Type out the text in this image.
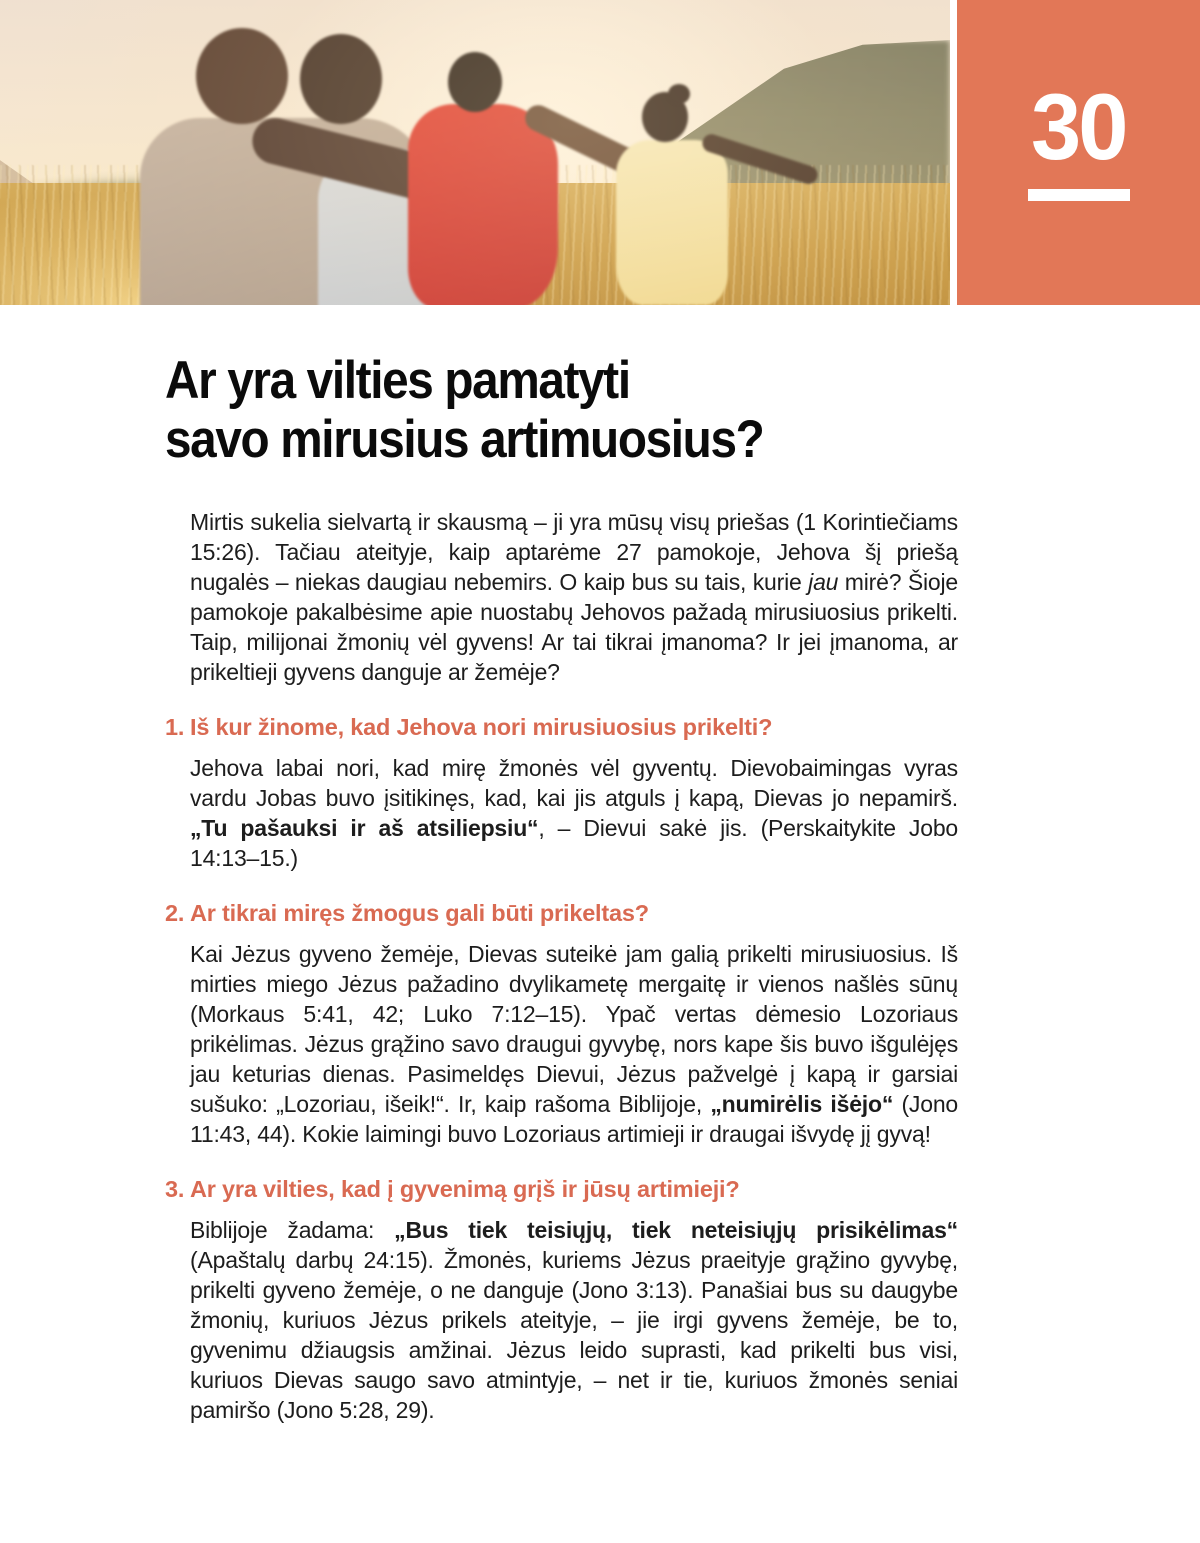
30
Ar yra vilties pamatyti
savo mirusius artimuosius?

Mirtis sukelia sielvartą ir skausmą – ji yra mūsų visų priešas (1 Korintiečiams 15:26). Tačiau ateityje, kaip aptarėme 27 pamokoje, Jehova šį priešą nugalės – niekas daugiau nebemirs. O kaip bus su tais, kurie jau mirė? Šioje pamokoje pakalbėsime apie nuostabų Jehovos pažadą mirusiuosius prikelti. Taip, milijonai žmonių vėl gyvens! Ar tai tikrai įmanoma? Ir jei įmanoma, ar prikeltieji gyvens danguje ar žemėje?

1. Iš kur žinome, kad Jehova nori mirusiuosius prikelti?

Jehova labai nori, kad mirę žmonės vėl gyventų. Dievobaimingas vyras vardu Jobas buvo įsitikinęs, kad, kai jis atguls į kapą, Dievas jo nepamirš. „Tu pašauksi ir aš atsiliepsiu“, – Dievui sakė jis. (Perskaitykite Jobo 14:13–15.)

2. Ar tikrai miręs žmogus gali būti prikeltas?

Kai Jėzus gyveno žemėje, Dievas suteikė jam galią prikelti mirusiuosius. Iš mirties miego Jėzus pažadino dvylikametę mergaitę ir vienos našlės sūnų (Morkaus 5:41, 42; Luko 7:12–15). Ypač vertas dėmesio Lozoriaus prikėlimas. Jėzus grąžino savo draugui gyvybę, nors kape šis buvo išgulėjęs jau keturias dienas. Pasimeldęs Dievui, Jėzus pažvelgė į kapą ir garsiai sušuko: „Lozoriau, išeik!“. Ir, kaip rašoma Biblijoje, „numirėlis išėjo“ (Jono 11:43, 44). Kokie laimingi buvo Lozoriaus artimieji ir draugai išvydę jį gyvą!

3. Ar yra vilties, kad į gyvenimą grįš ir jūsų artimieji?

Biblijoje žadama: „Bus tiek teisiųjų, tiek neteisiųjų prisikėlimas“ (Apaštalų darbų 24:15). Žmonės, kuriems Jėzus praeityje grąžino gyvybę, prikelti gyveno žemėje, o ne danguje (Jono 3:13). Panašiai bus su daugybe žmonių, kuriuos Jėzus prikels ateityje, – jie irgi gyvens žemėje, be to, gyvenimu džiaugsis amžinai. Jėzus leido suprasti, kad prikelti bus visi, kuriuos Dievas saugo savo atmintyje, – net ir tie, kuriuos žmonės seniai pamiršo (Jono 5:28, 29).
